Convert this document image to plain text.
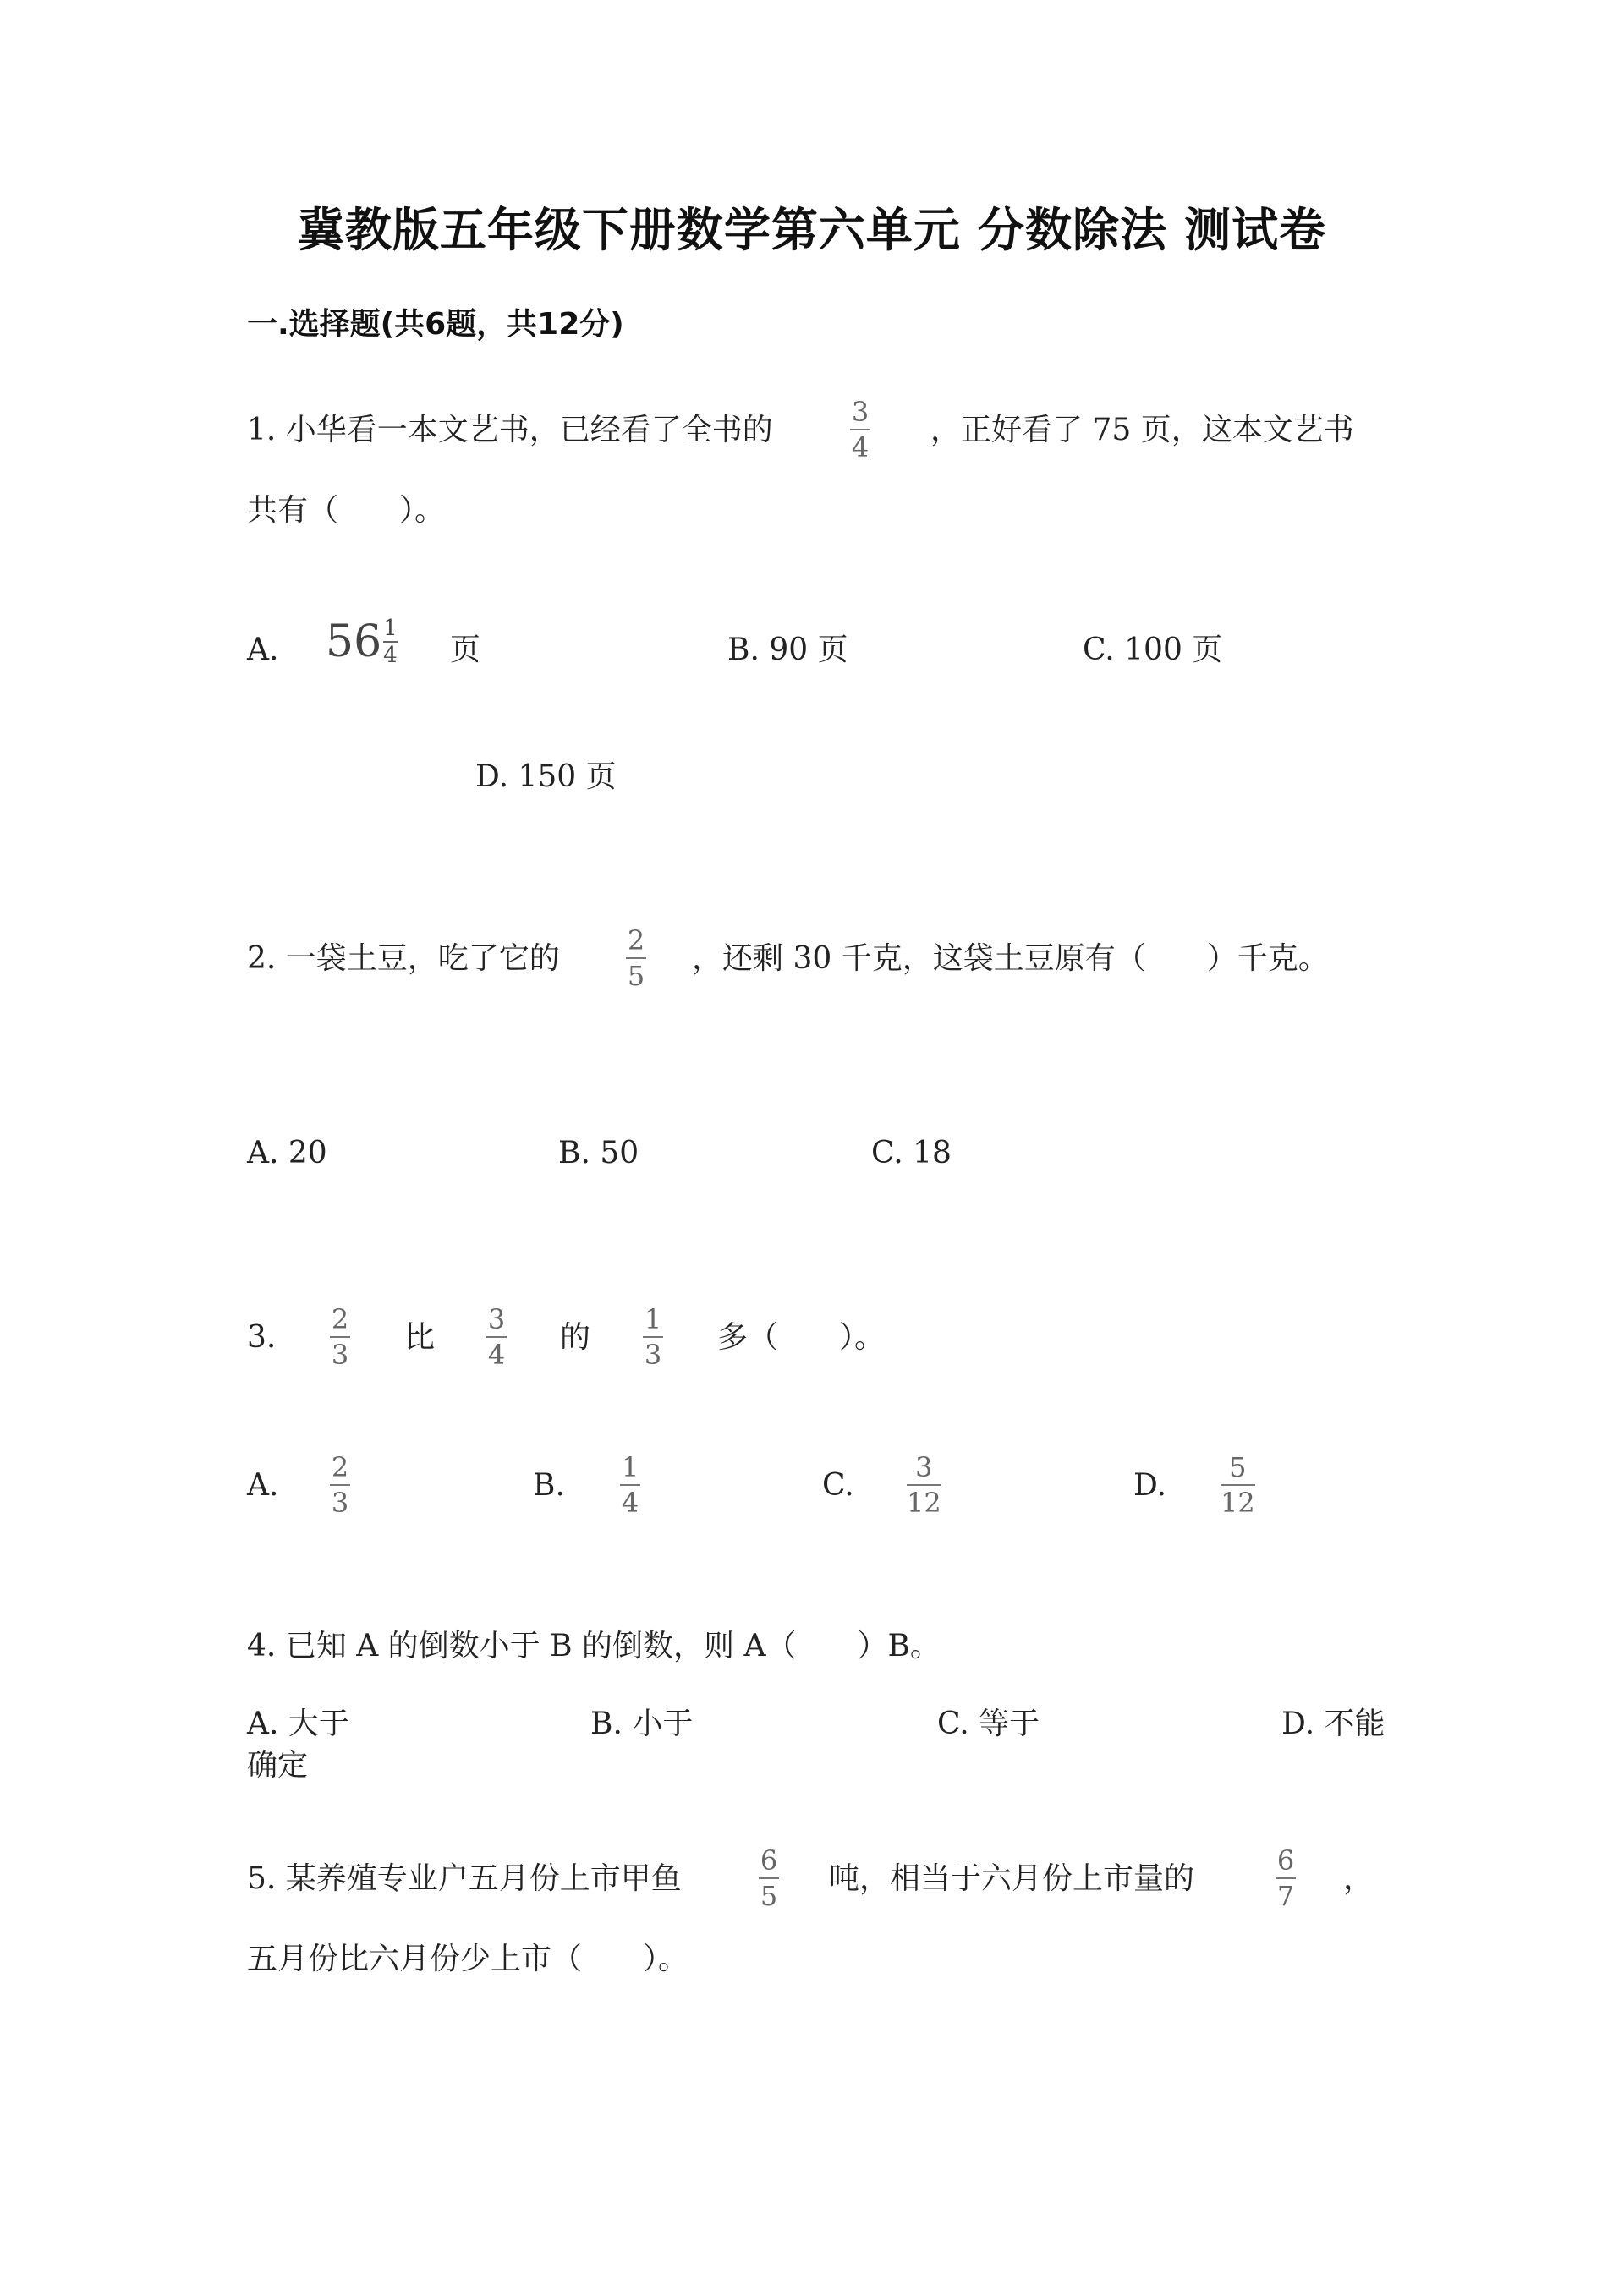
冀教版五年级下册数学第六单元 分数除法 测试卷
一.选择题(共6题，共12分)
1. 小华看一本文艺书，已经看了全书的
3
4 ，正好看了 75 页，这本文艺书
共有（　　）。
A. $56 \frac{1}{4}$ 页	B. 90 页	C. 100 页
D. 150 页
2. 一袋土豆，吃了它的
2
5 ，还剩 30 千克，这袋土豆原有（　　）千克。
A. 20	B. 50	C. 18
3.
2
3 比
3
4 的
1
3 多（　　）。
A.
2
3	B.
1
4	C.
3
12	D.
5
12
4. 已知 A 的倒数小于 B 的倒数，则 A（　　）B。
A. 大于	B. 小于	C. 等于	D. 不能
确定
5. 某养殖专业户五月份上市甲鱼
6
5 吨，相当于六月份上市量的
6
7 ，
五月份比六月份少上市（　　）。
